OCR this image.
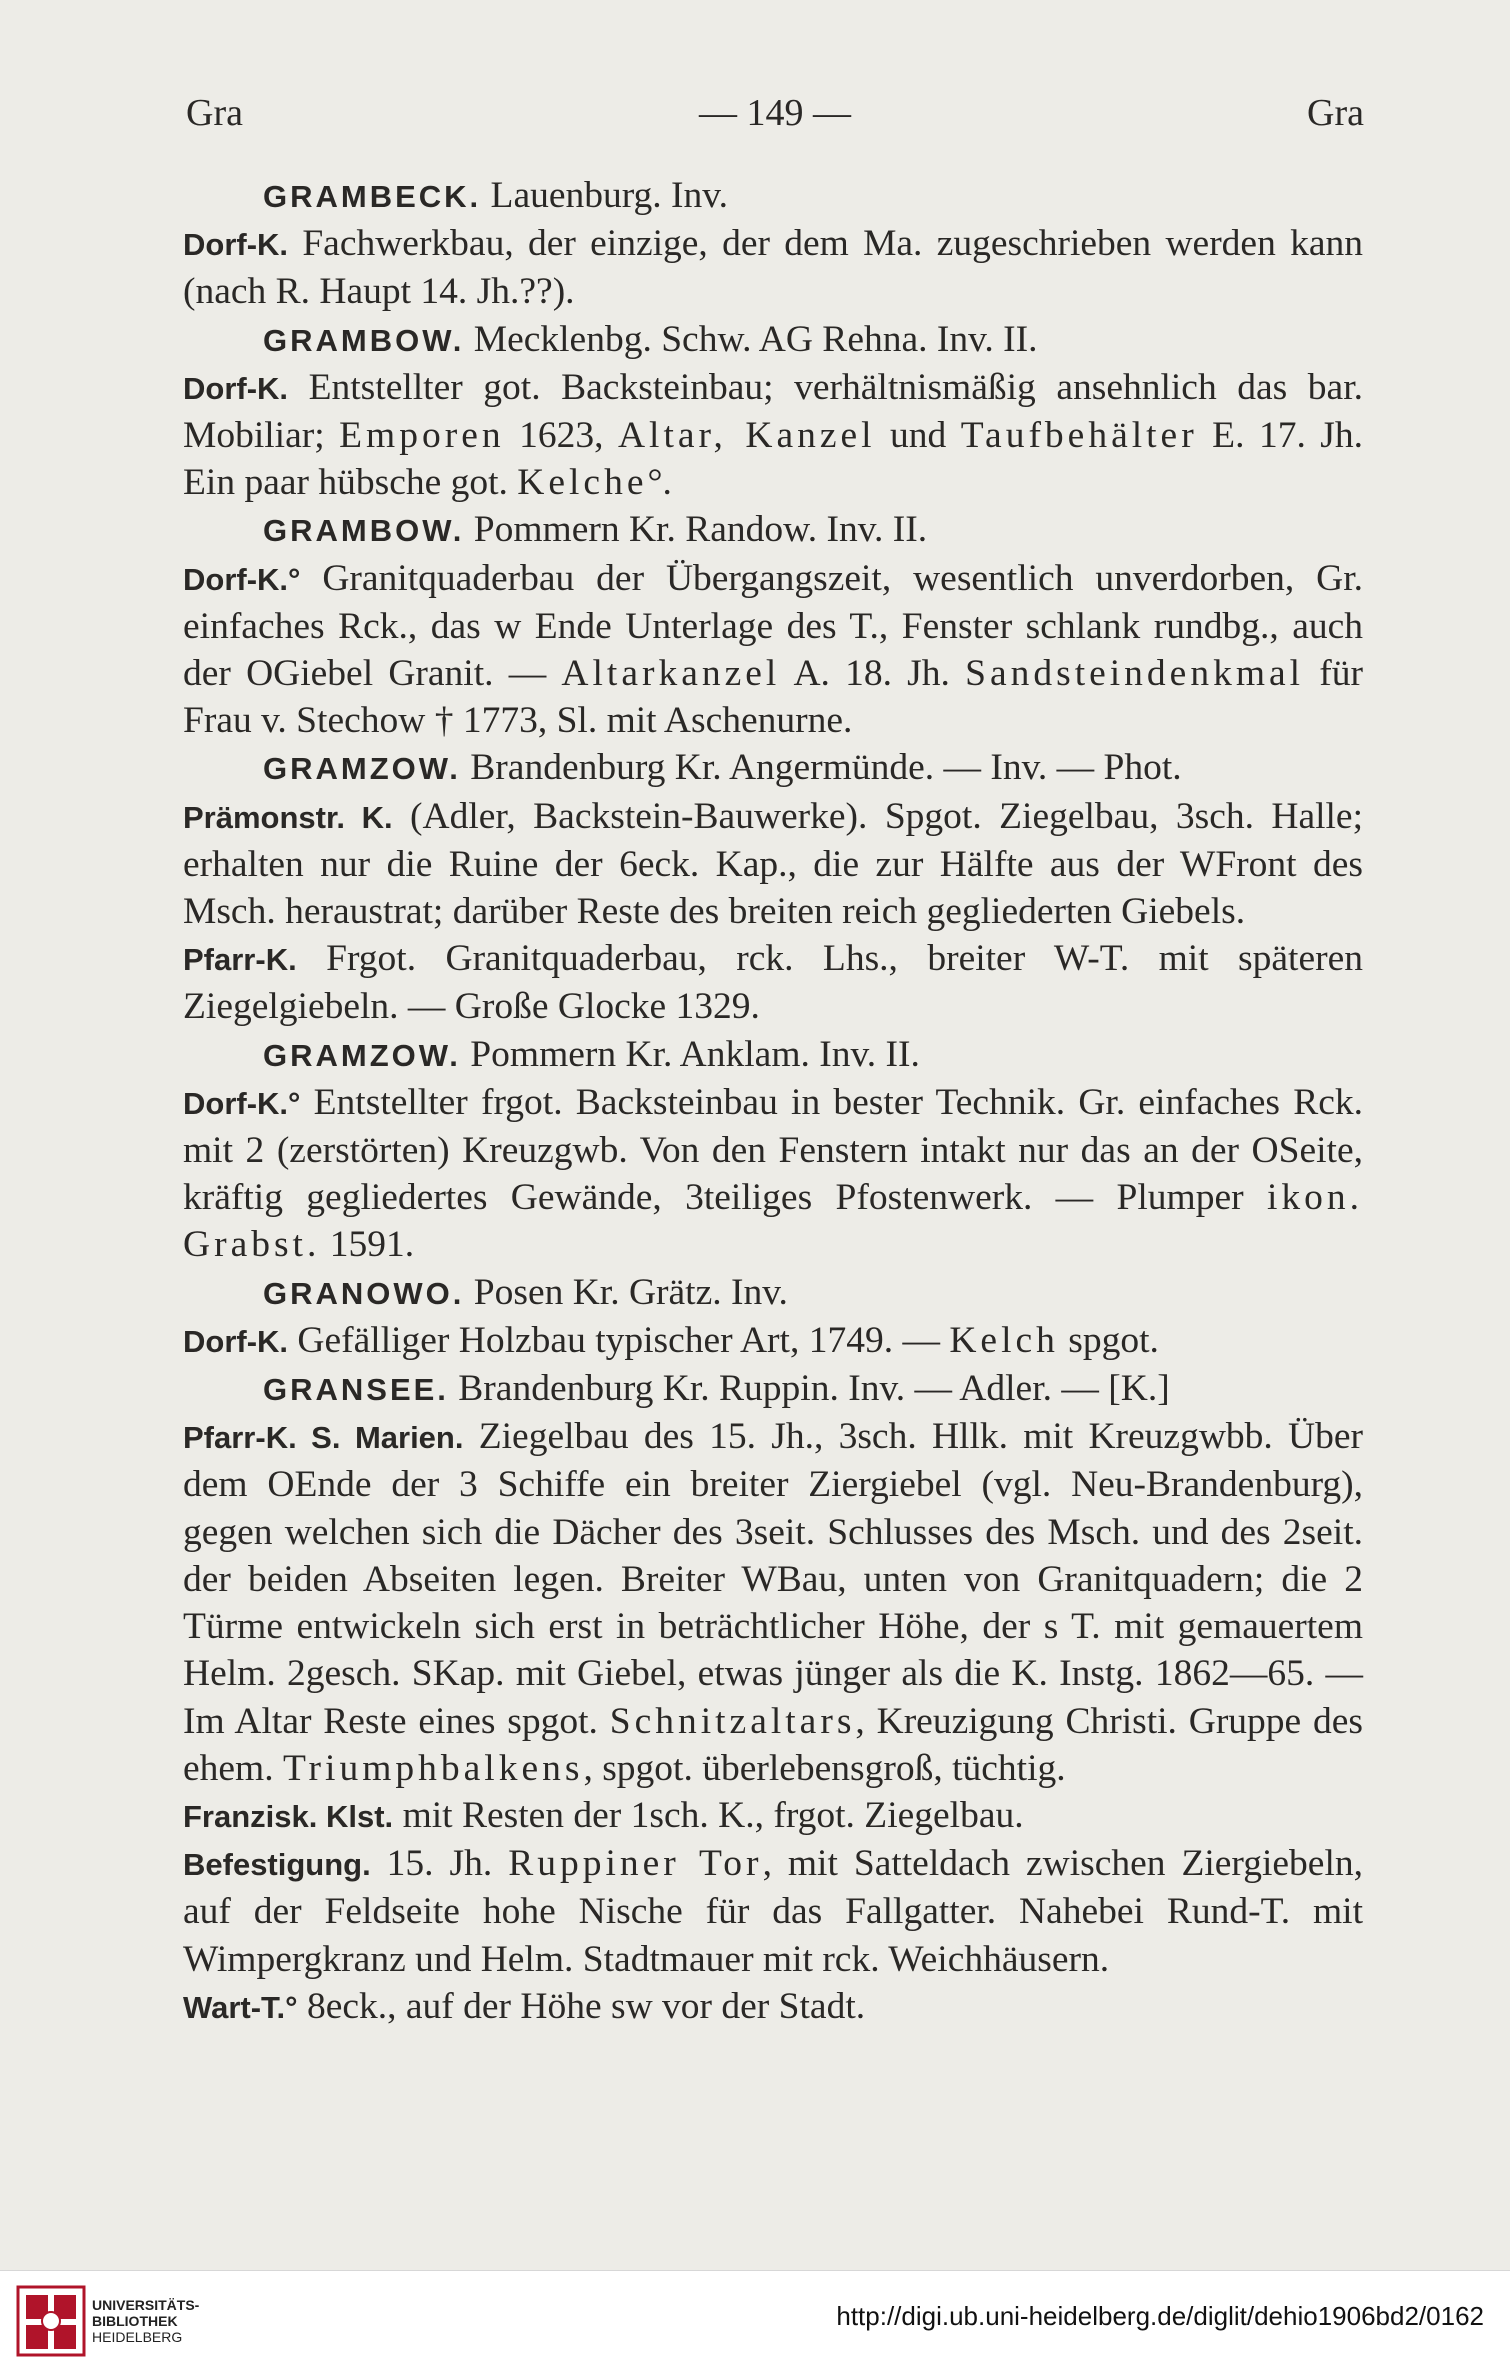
Gra	— 149 —	Gra

GRAMBECK. Lauenburg. Inv.

Dorf-K. Fachwerkbau, der einzige, der dem Ma. zugeschrieben werden kann (nach R. Haupt 14. Jh.??).

GRAMBOW. Mecklenbg. Schw. AG Rehna. Inv. II.

Dorf-K. Entstellter got. Backsteinbau; verhältnismäßig ansehnlich das bar. Mobiliar; Emporen 1623, Altar, Kanzel und Taufbehälter E. 17. Jh. Ein paar hübsche got. Kelche°.

GRAMBOW. Pommern Kr. Randow. Inv. II.

Dorf-K.° Granitquaderbau der Übergangszeit, wesentlich unverdorben, Gr. einfaches Rck., das w Ende Unterlage des T., Fenster schlank rundbg., auch der OGiebel Granit. — Altarkanzel A. 18. Jh. Sandsteindenkmal für Frau v. Stechow † 1773, Sl. mit Aschenurne.

GRAMZOW. Brandenburg Kr. Angermünde. — Inv. — Phot.

Prämonstr. K. (Adler, Backstein-Bauwerke). Spgot. Ziegelbau, 3sch. Halle; erhalten nur die Ruine der 6eck. Kap., die zur Hälfte aus der WFront des Msch. heraustrat; darüber Reste des breiten reich gegliederten Giebels.

Pfarr-K. Frgot. Granitquaderbau, rck. Lhs., breiter W-T. mit späteren Ziegelgiebeln. — Große Glocke 1329.

GRAMZOW. Pommern Kr. Anklam. Inv. II.

Dorf-K.° Entstellter frgot. Backsteinbau in bester Technik. Gr. einfaches Rck. mit 2 (zerstörten) Kreuzgwb. Von den Fenstern intakt nur das an der OSeite, kräftig gegliedertes Gewände, 3teiliges Pfostenwerk. — Plumper ikon. Grabst. 1591.

GRANOWO. Posen Kr. Grätz. Inv.

Dorf-K. Gefälliger Holzbau typischer Art, 1749. — Kelch spgot.

GRANSEE. Brandenburg Kr. Ruppin. Inv. — Adler. — [K.]

Pfarr-K. S. Marien. Ziegelbau des 15. Jh., 3sch. Hllk. mit Kreuzgwbb. Über dem OEnde der 3 Schiffe ein breiter Ziergiebel (vgl. Neu-Brandenburg), gegen welchen sich die Dächer des 3seit. Schlusses des Msch. und des 2seit. der beiden Abseiten legen. Breiter WBau, unten von Granitquadern; die 2 Türme entwickeln sich erst in beträchtlicher Höhe, der s T. mit gemauertem Helm. 2gesch. SKap. mit Giebel, etwas jünger als die K. Instg. 1862—65. — Im Altar Reste eines spgot. Schnitzaltars, Kreuzigung Christi. Gruppe des ehem. Triumphbalkens, spgot. überlebensgroß, tüchtig.

Franzisk. Klst. mit Resten der 1sch. K., frgot. Ziegelbau.

Befestigung. 15. Jh. Ruppiner Tor, mit Satteldach zwischen Ziergiebeln, auf der Feldseite hohe Nische für das Fallgatter. Nahebei Rund-T. mit Wimpergkranz und Helm. Stadtmauer mit rck. Weichhäusern.

Wart-T.° 8eck., auf der Höhe sw vor der Stadt.

UNIVERSITÄTS-
BIBLIOTHEK
HEIDELBERG
http://digi.ub.uni-heidelberg.de/diglit/dehio1906bd2/0162
